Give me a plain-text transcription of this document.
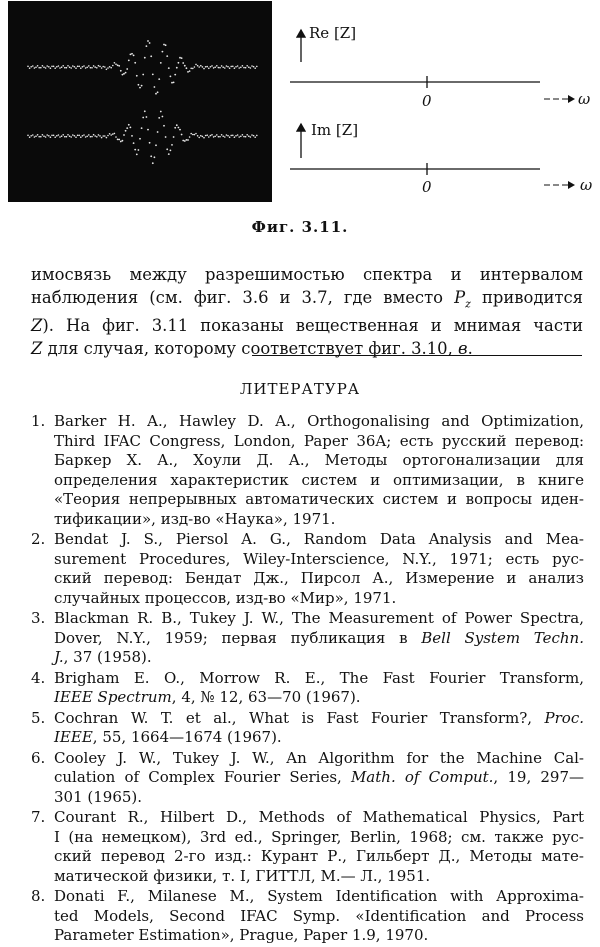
Re [Z]
0	ω
Im [Z]
0	ω
Фиг. 3.11.

имосвязь между разрешимостью спектра и интервалом
наблюдения (см. фиг. 3.6 и 3.7, где вместо $P_z$ приводится
Z). На фиг. 3.11 показаны вещественная и мнимая части
Z для случая, которому соответствует фиг. 3.10, в.

ЛИТЕРАТУРА
1. Barker H. A., Hawley D. A., Orthogonalising and Optimization,
Third IFAC Congress, London, Paper 36A; есть русский перевод:
Баркер Х. А., Хоули Д. А., Методы ортогонализации для
определения характеристик систем и оптимизации, в книге
«Теория непрерывных автоматических систем и вопросы иден-
тификации», изд-во «Наука», 1971.
2. Bendat J. S., Piersol A. G., Random Data Analysis and Mea-
surement Procedures, Wiley-Interscience, N.Y., 1971; есть рус-
ский перевод: Бендат Дж., Пирсол А., Измерение и анализ
случайных процессов, изд-во «Мир», 1971.
3. Blackman R. B., Tukey J. W., The Measurement of Power Spectra,
Dover, N.Y., 1959; первая публикация в Bell System Techn.
J., 37 (1958).
4. Brigham E. O., Morrow R. E., The Fast Fourier Transform,
IEEE Spectrum, 4, № 12, 63—70 (1967).
5. Cochran W. T. et al., What is Fast Fourier Transform?, Proc.
IEEE, 55, 1664—1674 (1967).
6. Cooley J. W., Tukey J. W., An Algorithm for the Machine Cal-
culation of Complex Fourier Series, Math. of Comput., 19, 297—
301 (1965).
7. Courant R., Hilbert D., Methods of Mathematical Physics, Part
I (на немецком), 3rd ed., Springer, Berlin, 1968; см. также рус-
ский перевод 2-го изд.: Курант Р., Гильберт Д., Методы мате-
матической физики, т. I, ГИТТЛ, М.— Л., 1951.
8. Donati F., Milanese M., System Identification with Approxima-
ted Models, Second IFAC Symp. «Identification and Process
Parameter Estimation», Prague, Paper 1.9, 1970.
